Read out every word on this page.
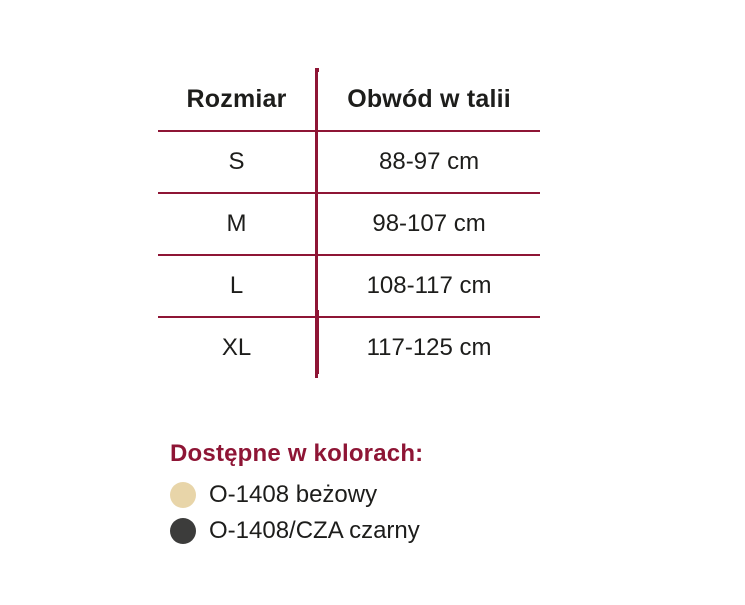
Rozmiar	Obwód w talii
S	88-97 cm
M	98-107 cm
L	108-117 cm
XL	117-125 cm
Dostępne w kolorach:
O-1408 beżowy
O-1408/CZA czarny
